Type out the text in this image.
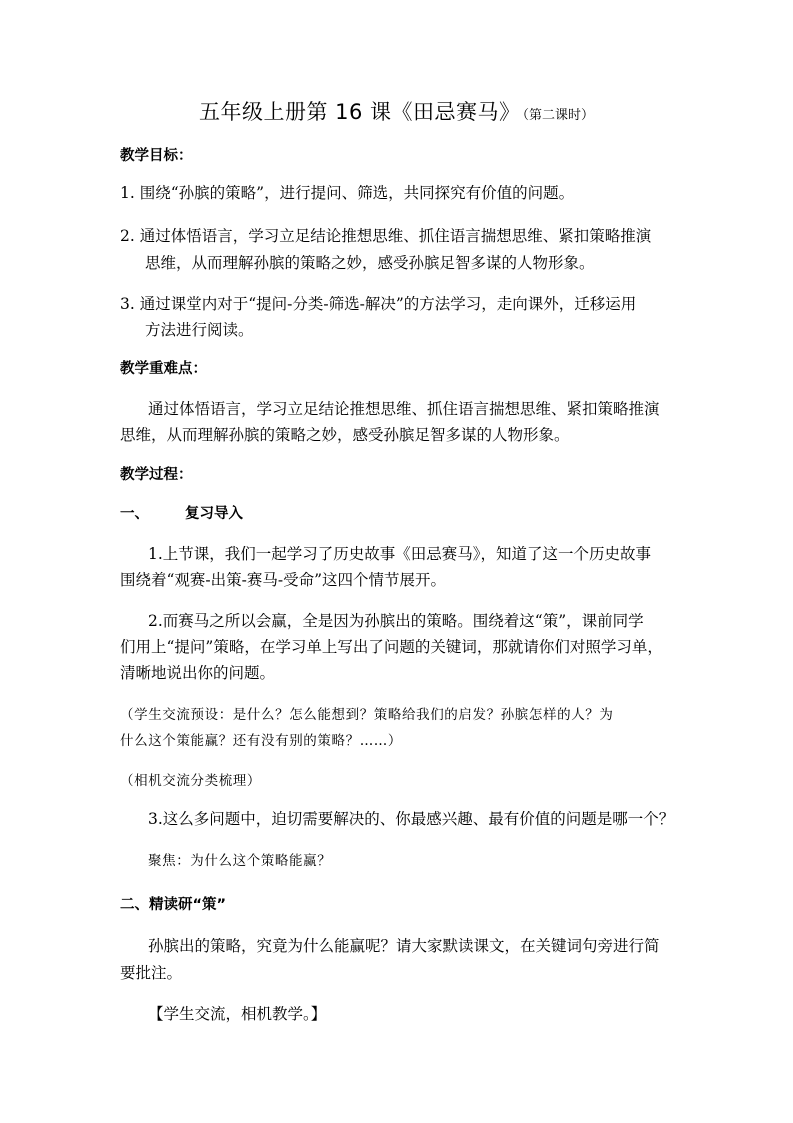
五年级上册第 16 课《田忌赛马》 （第二课时）
教学目标：
1. 围绕“孙膑的策略”，进行提问、筛选，共同探究有价值的问题。
2. 通过体悟语言，学习立足结论推想思维、抓住语言揣想思维、紧扣策略推演
思维，从而理解孙膑的策略之妙，感受孙膑足智多谋的人物形象。
3. 通过课堂内对于“提问-分类-筛选-解决”的方法学习，走向课外，迁移运用
方法进行阅读。
教学重难点：
通过体悟语言，学习立足结论推想思维、抓住语言揣想思维、紧扣策略推演
思维，从而理解孙膑的策略之妙，感受孙膑足智多谋的人物形象。
教学过程：
一、 复习导入
1.上节课，我们一起学习了历史故事《田忌赛马》，知道了这一个历史故事
围绕着“观赛-出策-赛马-受命”这四个情节展开。
2.而赛马之所以会赢，全是因为孙膑出的策略。围绕着这“策”，课前同学
们用上“提问”策略，在学习单上写出了问题的关键词，那就请你们对照学习单，
清晰地说出你的问题。
（学生交流预设：是什么？怎么能想到？策略给我们的启发？孙膑怎样的人？为
什么这个策能赢？还有没有别的策略？……）
（相机交流分类梳理）
3.这么多问题中，迫切需要解决的、你最感兴趣、最有价值的问题是哪一个？
聚焦：为什么这个策略能赢？
二、精读研“策”
孙膑出的策略，究竟为什么能赢呢？请大家默读课文，在关键词句旁进行简
要批注。
【学生交流，相机教学。】
